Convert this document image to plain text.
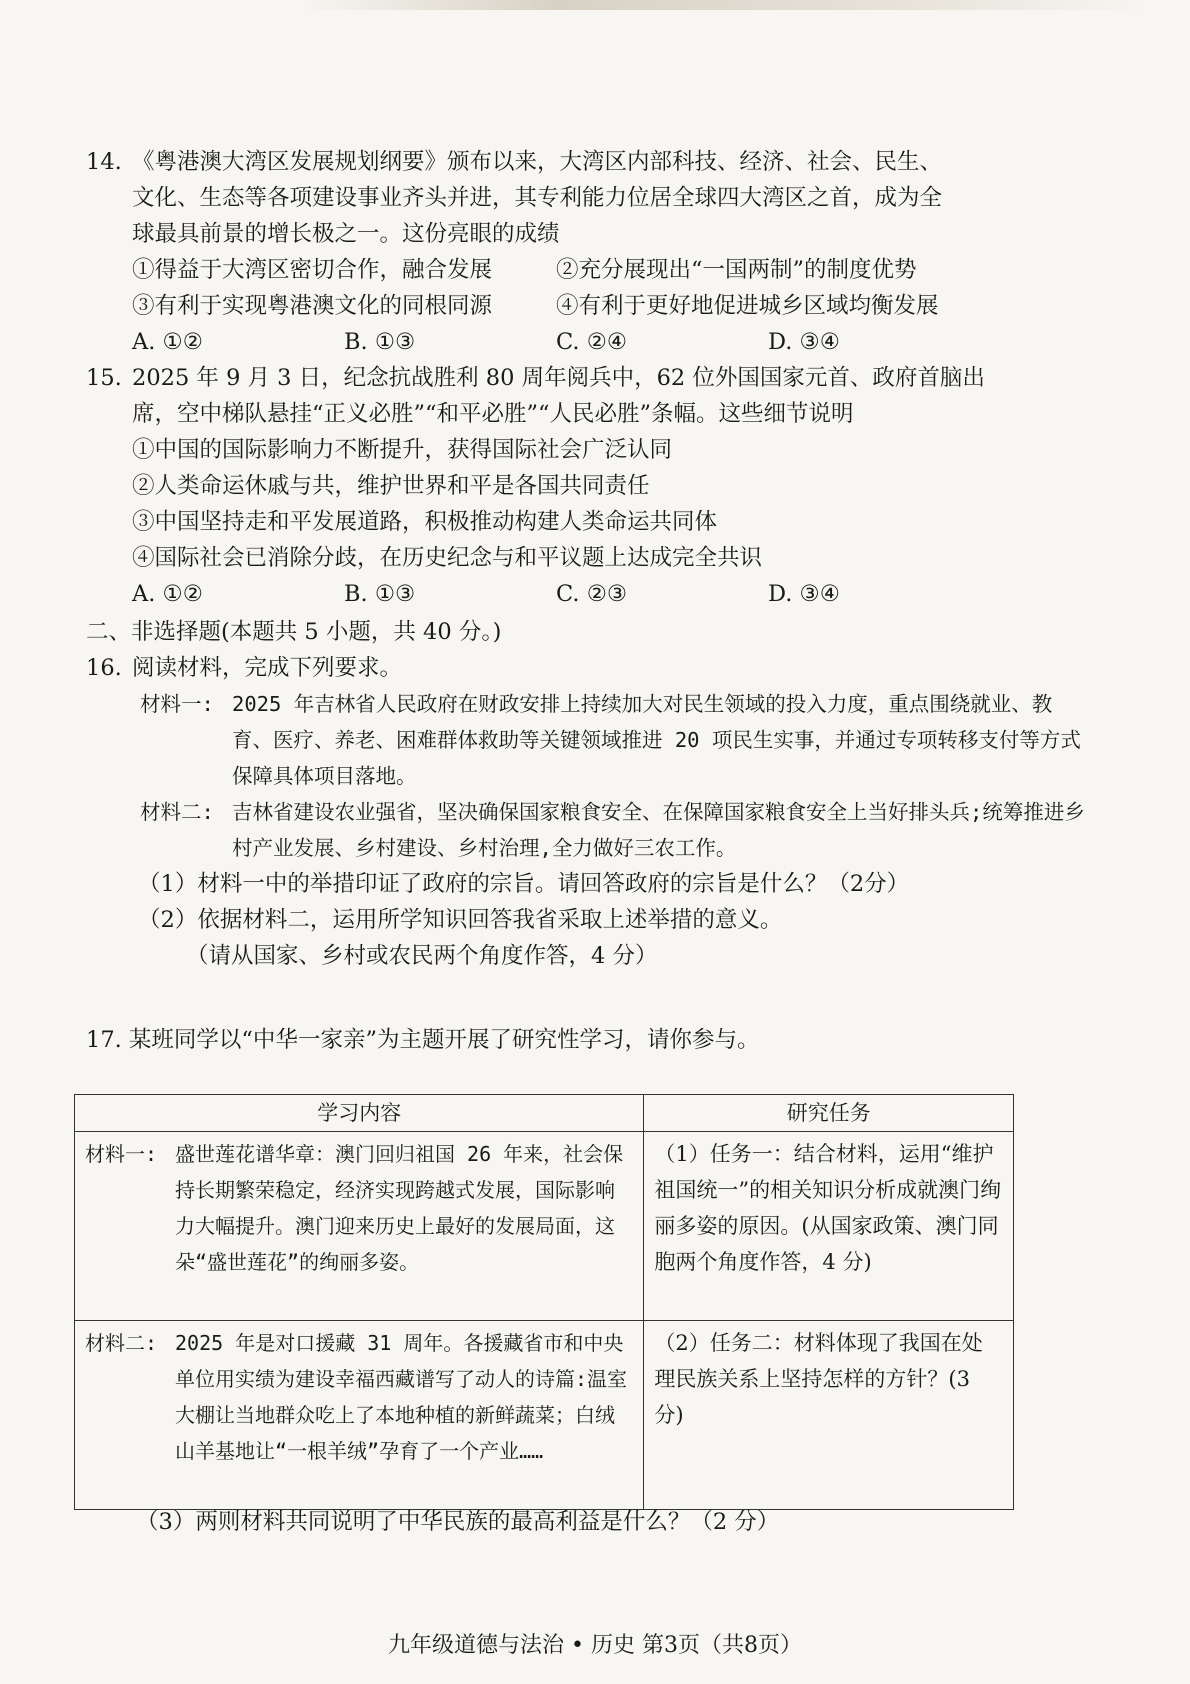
14. 《粤港澳大湾区发展规划纲要》颁布以来，大湾区内部科技、经济、社会、民生、
文化、生态等各项建设事业齐头并进，其专利能力位居全球四大湾区之首，成为全
球最具前景的增长极之一。这份亮眼的成绩
①得益于大湾区密切合作，融合发展	②充分展现出“一国两制”的制度优势
③有利于实现粤港澳文化的同根同源	④有利于更好地促进城乡区域均衡发展
A. ①②	B. ①③	C. ②④	D. ③④
15. 2025 年 9 月 3 日，纪念抗战胜利 80 周年阅兵中，62 位外国国家元首、政府首脑出
席，空中梯队悬挂“正义必胜”“和平必胜”“人民必胜”条幅。这些细节说明
①中国的国际影响力不断提升，获得国际社会广泛认同
②人类命运休戚与共，维护世界和平是各国共同责任
③中国坚持走和平发展道路，积极推动构建人类命运共同体
④国际社会已消除分歧，在历史纪念与和平议题上达成完全共识
A. ①②	B. ①③	C. ②③	D. ③④
二、非选择题(本题共 5 小题，共 40 分。)
16. 阅读材料，完成下列要求。
材料一: 2025 年吉林省人民政府在财政安排上持续加大对民生领域的投入力度，重点围绕就业、教育、医疗、养老、困难群体救助等关键领域推进 20 项民生实事，并通过专项转移支付等方式保障具体项目落地。
材料二: 吉林省建设农业强省，坚决确保国家粮食安全、在保障国家粮食安全上当好排头兵;统筹推进乡村产业发展、乡村建设、乡村治理,全力做好三农工作。
（1）材料一中的举措印证了政府的宗旨。请回答政府的宗旨是什么？（2分）
（2）依据材料二，运用所学知识回答我省采取上述举措的意义。
（请从国家、乡村或农民两个角度作答，4 分）
17. 某班同学以“中华一家亲”为主题开展了研究性学习，请你参与。
学习内容	研究任务

材料一: 盛世莲花谱华章：澳门回归祖国 26 年来，社会保持长期繁荣稳定，经济实现跨越式发展，国际影响力大幅提升。澳门迎来历史上最好的发展局面，这朵“盛世莲花”的绚丽多姿。	（1）任务一：结合材料，运用“维护祖国统一”的相关知识分析成就澳门绚丽多姿的原因。(从国家政策、澳门同胞两个角度作答，4 分)

材料二: 2025 年是对口援藏 31 周年。各援藏省市和中央单位用实绩为建设幸福西藏谱写了动人的诗篇:温室大棚让当地群众吃上了本地种植的新鲜蔬菜；白绒山羊基地让“一根羊绒”孕育了一个产业……	（2）任务二：材料体现了我国在处理民族关系上坚持怎样的方针？(3 分)
（3）两则材料共同说明了中华民族的最高利益是什么？（2 分）
九年级道德与法治 • 历史 第3页（共8页）
